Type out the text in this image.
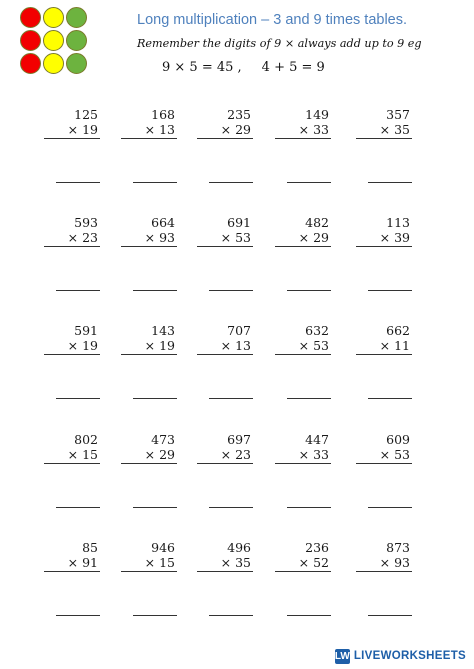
Long multiplication – 3 and 9 times tables.
Remember the digits of 9 × always add up to 9 eg
9 × 5 = 45 , 4 + 5 = 9
125
× 19
168
× 13
235
× 29
149
× 33
357
× 35
593
× 23
664
× 93
691
× 53
482
× 29
113
× 39
591
× 19
143
× 19
707
× 13
632
× 53
662
× 11
802
× 15
473
× 29
697
× 23
447
× 33
609
× 53
85
× 91
946
× 15
496
× 35
236
× 52
873
× 93
LW LIVEWORKSHEETS
